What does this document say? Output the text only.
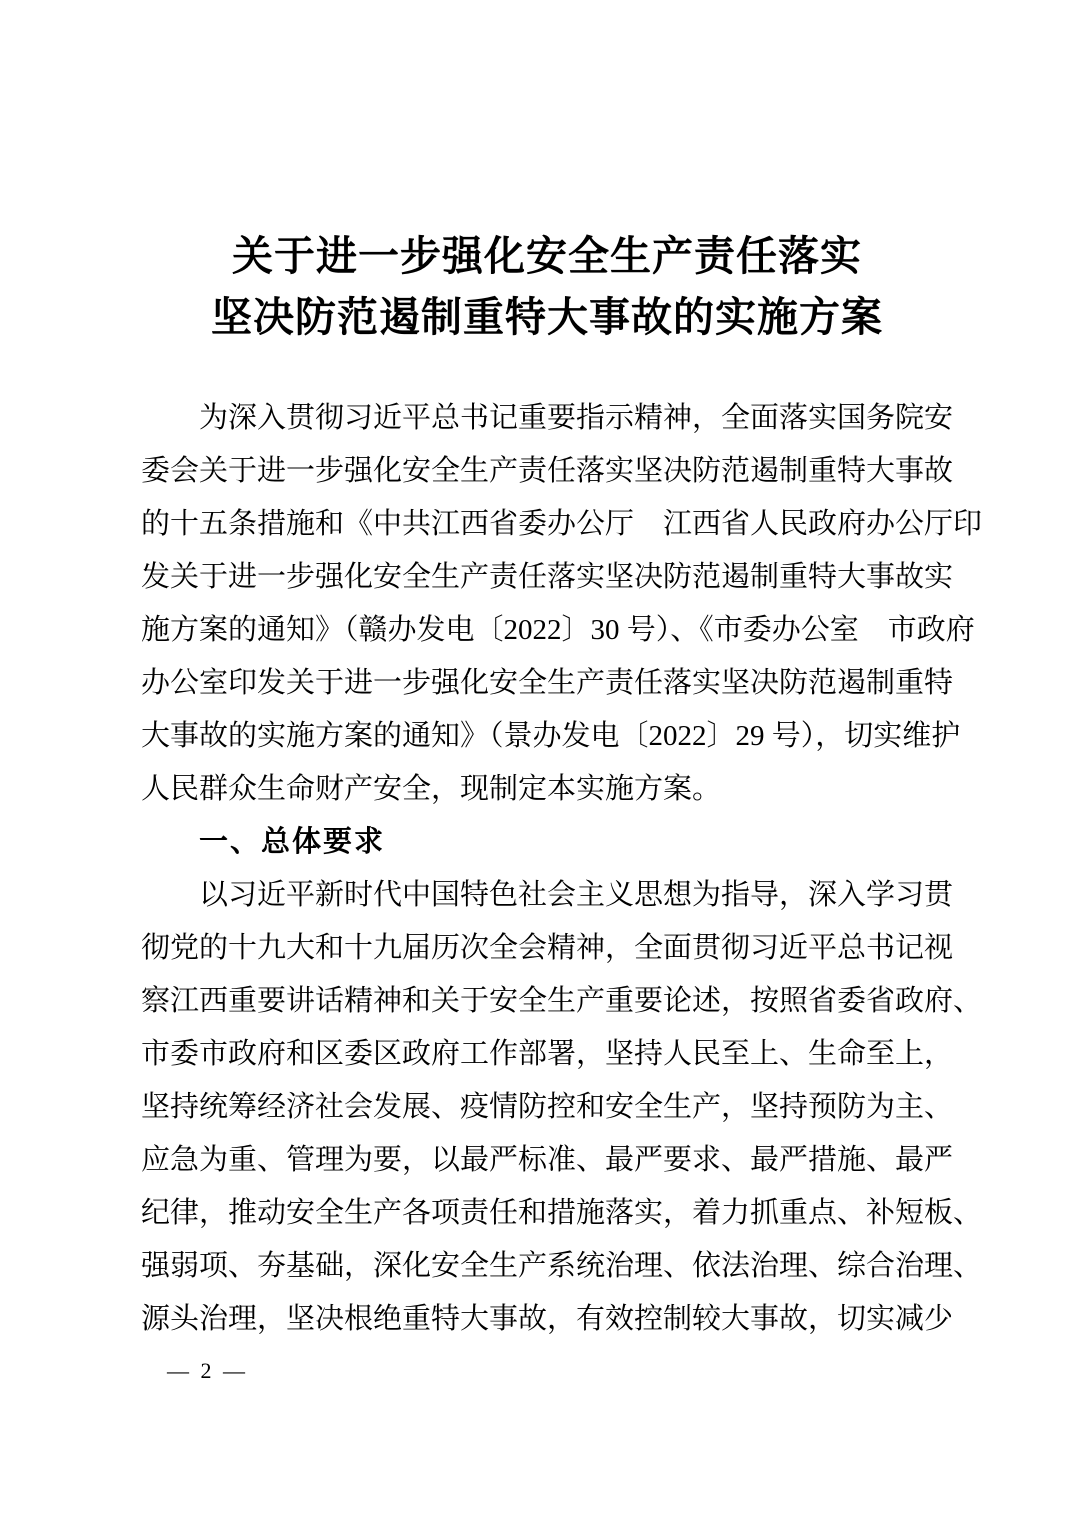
关于进一步强化安全生产责任落实
坚决防范遏制重特大事故的实施方案
为深入贯彻习近平总书记重要指示精神，全面落实国务院安
委会关于进一步强化安全生产责任落实坚决防范遏制重特大事故
的十五条措施和《中共江西省委办公厅　江西省人民政府办公厅印
发关于进一步强化安全生产责任落实坚决防范遏制重特大事故实
施方案的通知》（赣办发电〔2022〕30 号）、《市委办公室　市政府
办公室印发关于进一步强化安全生产责任落实坚决防范遏制重特
大事故的实施方案的通知》（景办发电〔2022〕29 号），切实维护
人民群众生命财产安全，现制定本实施方案。
一、总体要求
以习近平新时代中国特色社会主义思想为指导，深入学习贯
彻党的十九大和十九届历次全会精神，全面贯彻习近平总书记视
察江西重要讲话精神和关于安全生产重要论述，按照省委省政府、
市委市政府和区委区政府工作部署，坚持人民至上、生命至上，
坚持统筹经济社会发展、疫情防控和安全生产，坚持预防为主、
应急为重、管理为要，以最严标准、最严要求、最严措施、最严
纪律，推动安全生产各项责任和措施落实，着力抓重点、补短板、
强弱项、夯基础，深化安全生产系统治理、依法治理、综合治理、
源头治理，坚决根绝重特大事故，有效控制较大事故，切实减少
— 2 —
